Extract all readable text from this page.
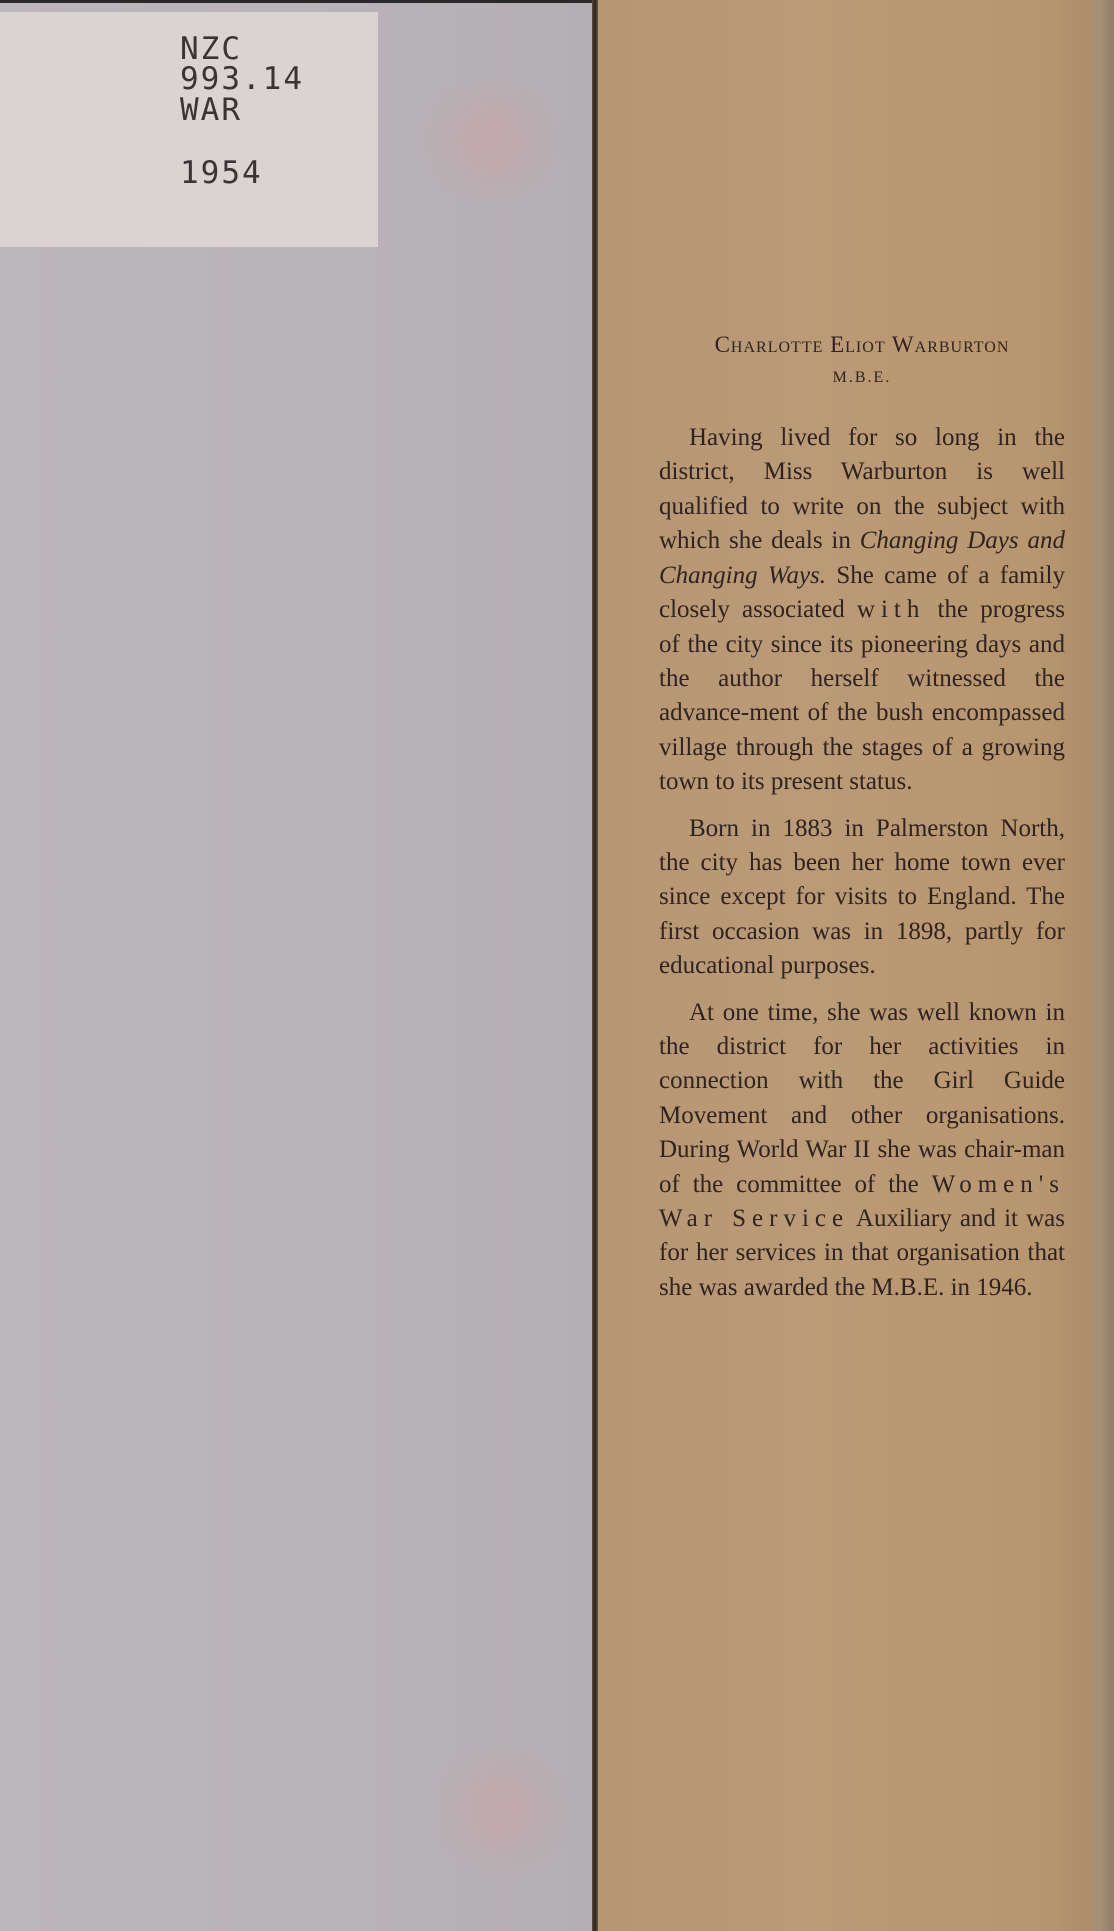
NZC
993.14
WAR
1954

Charlotte Eliot Warburton

M.B.E.

Having lived for so long in the district, Miss Warburton is well qualified to write on the subject with which she deals in Changing Days and Changing Ways. She came of a family closely associated with the progress of the city since its pioneering days and the author herself witnessed the advance-ment of the bush encompassed village through the stages of a growing town to its present status.

Born in 1883 in Palmerston North, the city has been her home town ever since except for visits to England. The first occasion was in 1898, partly for educational purposes.

At one time, she was well known in the district for her activities in connection with the Girl Guide Movement and other organisations. During World War II she was chair-man of the committee of the Women's War Service Auxiliary and it was for her services in that organisation that she was awarded the M.B.E. in 1946.
